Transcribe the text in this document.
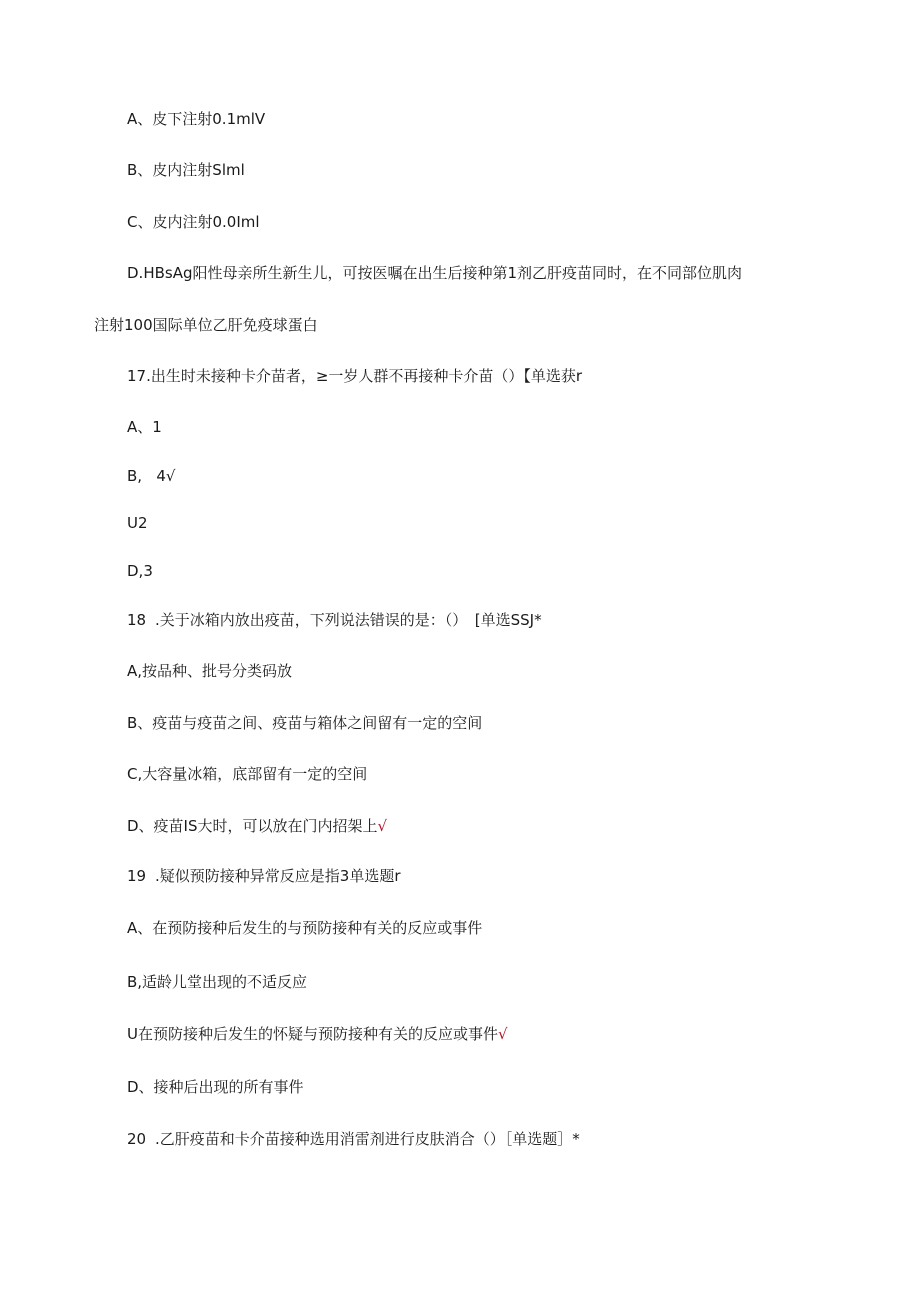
A、皮下注射0.1mlV
B、皮内注射Slml
C、皮内注射0.0Iml
D.HBsAg阳性母亲所生新生儿，可按医嘱在出生后接种第1剂乙肝疫苗同时，在不同部位肌肉
注射100国际单位乙肝免疫球蛋白
17.出生时未接种卡介苗者，≥一岁人群不再接种卡介苗（）【单选获r
A、1
B, 4√
U2
D,3
18 .关于冰箱内放出疫苗，下列说法错误的是：（）　[单选SSJ*
A,按品种、批号分类码放
B、疫苗与疫苗之间、疫苗与箱体之间留有一定的空间
C,大容量冰箱，底部留有一定的空间
D、疫苗IS大时，可以放在门内招架上√
19 .疑似预防接种异常反应是指3单选题r
A、在预防接种后发生的与预防接种有关的反应或事件
B,适龄儿堂出现的不适反应
U在预防接种后发生的怀疑与预防接种有关的反应或事件√
D、接种后出现的所有事件
20 .乙肝疫苗和卡介苗接种选用消雷剂进行皮肤消合（）［单选题］*
